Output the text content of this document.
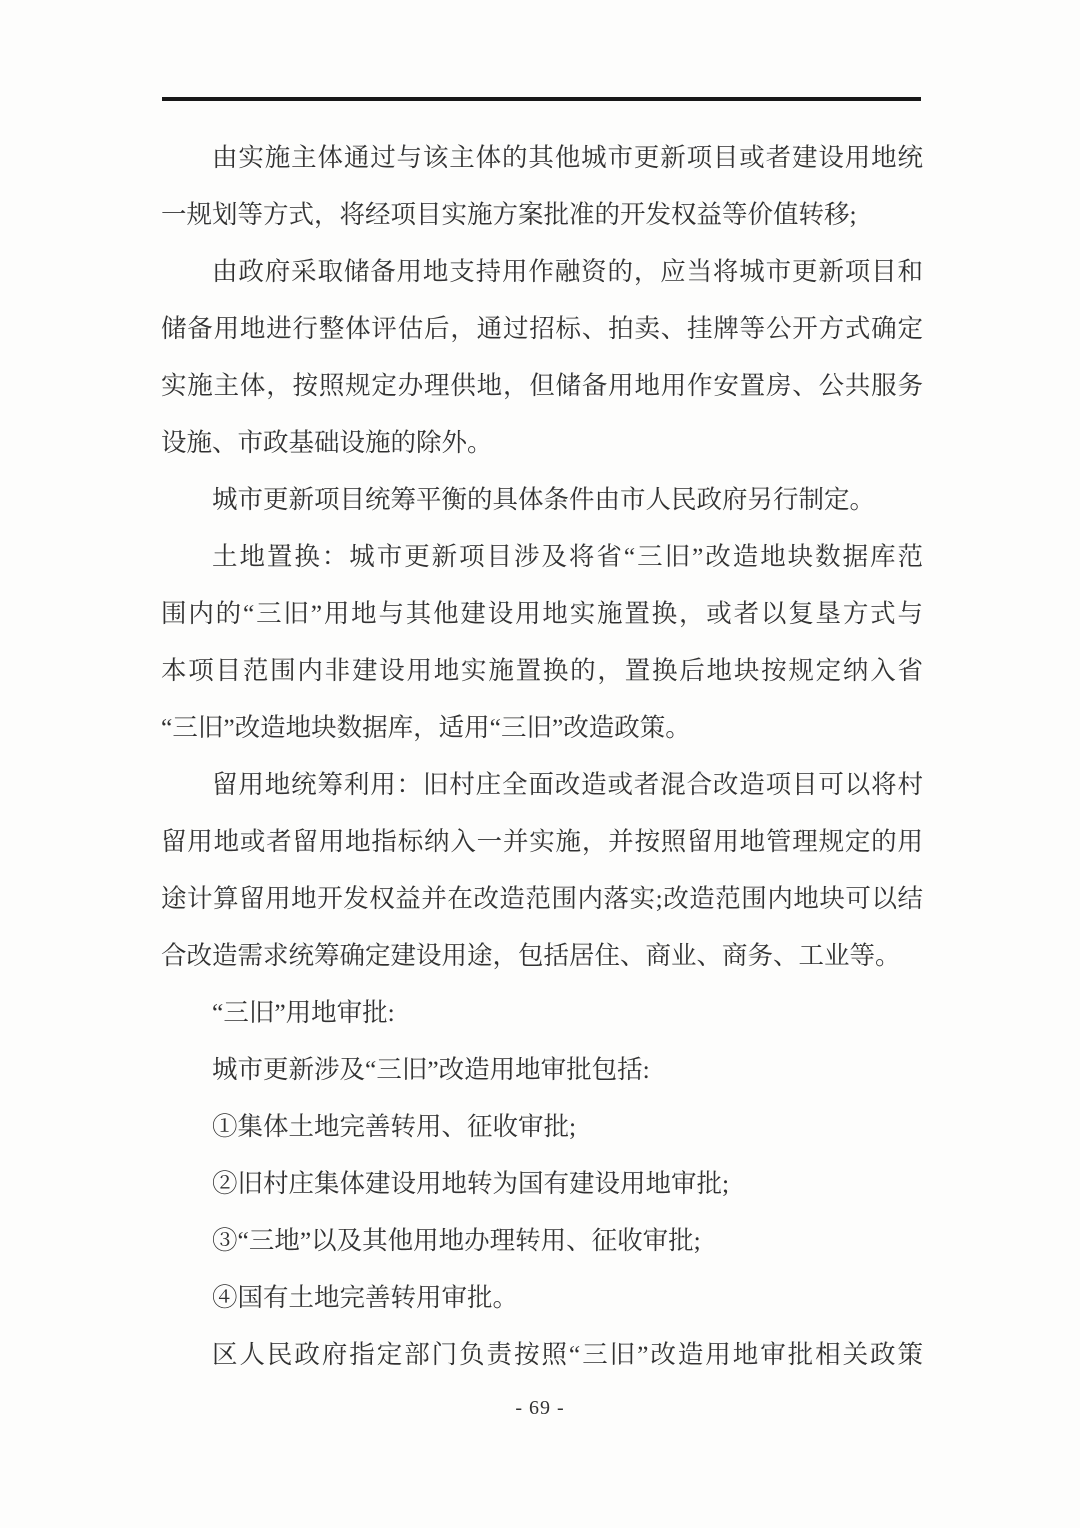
由实施主体通过与该主体的其他城市更新项目或者建设用地统
一规划等方式，将经项目实施方案批准的开发权益等价值转移;
由政府采取储备用地支持用作融资的，应当将城市更新项目和
储备用地进行整体评估后，通过招标、拍卖、挂牌等公开方式确定
实施主体，按照规定办理供地，但储备用地用作安置房、公共服务
设施、市政基础设施的除外。
城市更新项目统筹平衡的具体条件由市人民政府另行制定。
土地置换：城市更新项目涉及将省“三旧”改造地块数据库范
围内的“三旧”用地与其他建设用地实施置换，或者以复垦方式与
本项目范围内非建设用地实施置换的，置换后地块按规定纳入省
“三旧”改造地块数据库，适用“三旧”改造政策。
留用地统筹利用：旧村庄全面改造或者混合改造项目可以将村
留用地或者留用地指标纳入一并实施，并按照留用地管理规定的用
途计算留用地开发权益并在改造范围内落实;改造范围内地块可以结
合改造需求统筹确定建设用途，包括居住、商业、商务、工业等。
“三旧”用地审批:
城市更新涉及“三旧”改造用地审批包括:
①集体土地完善转用、征收审批;
②旧村庄集体建设用地转为国有建设用地审批;
③“三地”以及其他用地办理转用、征收审批;
④国有土地完善转用审批。
区人民政府指定部门负责按照“三旧”改造用地审批相关政策
- 69 -
